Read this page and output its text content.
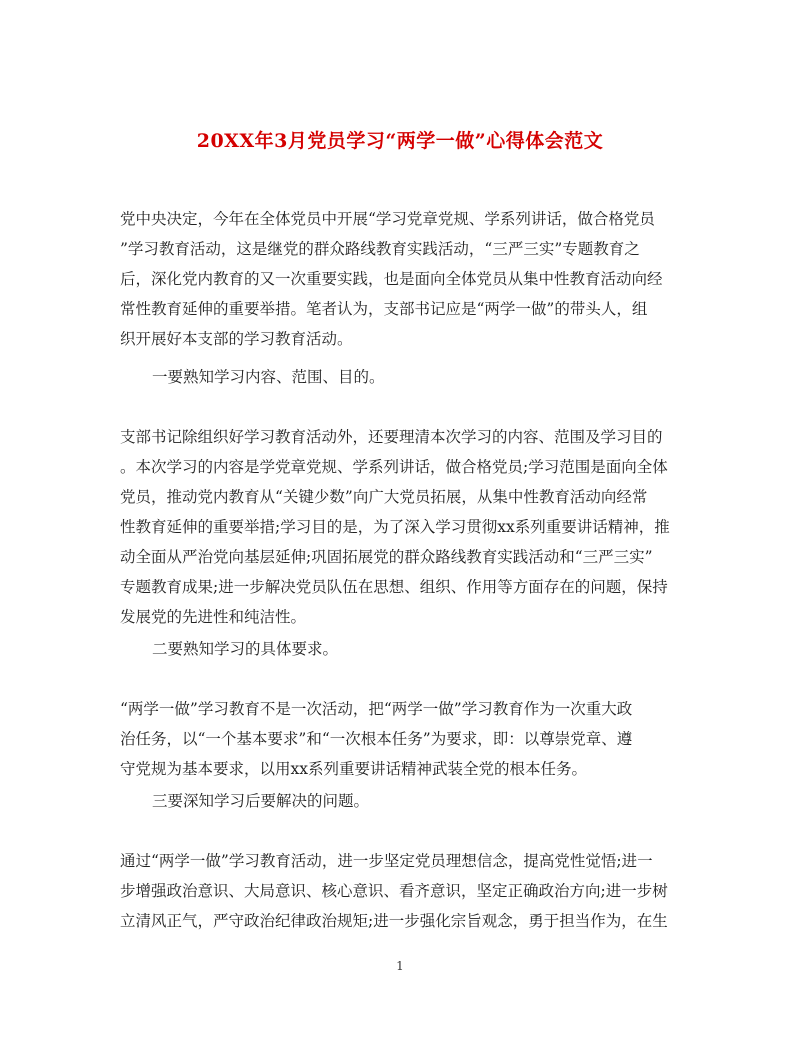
20XX年3月党员学习“两学一做”心得体会范文
党中央决定，今年在全体党员中开展“学习党章党规、学系列讲话，做合格党员
”学习教育活动，这是继党的群众路线教育实践活动，“三严三实”专题教育之
后，深化党内教育的又一次重要实践，也是面向全体党员从集中性教育活动向经
常性教育延伸的重要举措。笔者认为，支部书记应是“两学一做”的带头人，组
织开展好本支部的学习教育活动。
一要熟知学习内容、范围、目的。
支部书记除组织好学习教育活动外，还要理清本次学习的内容、范围及学习目的
。本次学习的内容是学党章党规、学系列讲话，做合格党员;学习范围是面向全体
党员，推动党内教育从“关键少数”向广大党员拓展，从集中性教育活动向经常
性教育延伸的重要举措;学习目的是，为了深入学习贯彻xx系列重要讲话精神，推
动全面从严治党向基层延伸;巩固拓展党的群众路线教育实践活动和“三严三实”
专题教育成果;进一步解决党员队伍在思想、组织、作用等方面存在的问题，保持
发展党的先进性和纯洁性。
二要熟知学习的具体要求。
“两学一做”学习教育不是一次活动，把“两学一做”学习教育作为一次重大政
治任务，以“一个基本要求”和“一次根本任务”为要求，即：以尊崇党章、遵
守党规为基本要求，以用xx系列重要讲话精神武装全党的根本任务。
三要深知学习后要解决的问题。
通过“两学一做”学习教育活动，进一步坚定党员理想信念，提高党性觉悟;进一
步增强政治意识、大局意识、核心意识、看齐意识，坚定正确政治方向;进一步树
立清风正气，严守政治纪律政治规矩;进一步强化宗旨观念，勇于担当作为，在生
1
